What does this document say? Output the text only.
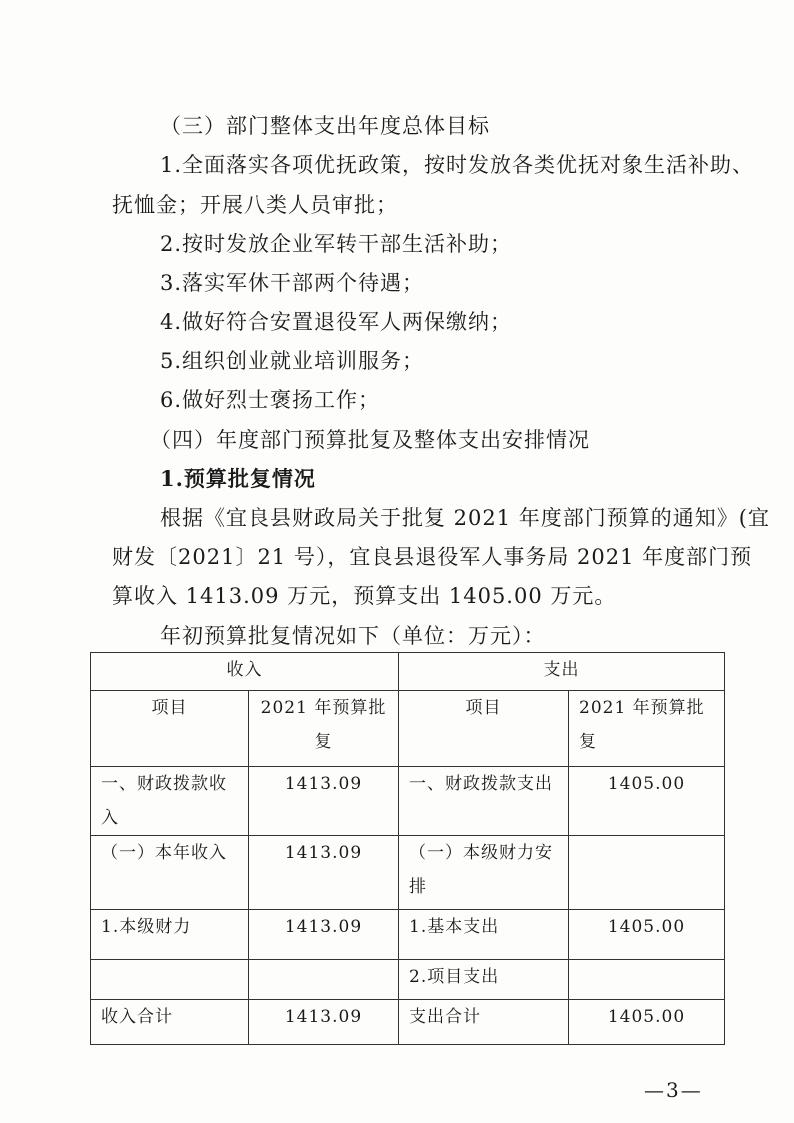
（三）部门整体支出年度总体目标
1.全面落实各项优抚政策，按时发放各类优抚对象生活补助、
抚恤金；开展八类人员审批；
2.按时发放企业军转干部生活补助；
3.落实军休干部两个待遇；
4.做好符合安置退役军人两保缴纳；
5.组织创业就业培训服务；
6.做好烈士褒扬工作；
（四）年度部门预算批复及整体支出安排情况
1.预算批复情况
根据《宜良县财政局关于批复 2021 年度部门预算的通知》(宜
财发〔2021〕21 号），宜良县退役军人事务局 2021 年度部门预
算收入 1413.09 万元，预算支出 1405.00 万元。
年初预算批复情况如下（单位：万元）：
收入		支出	
项目	2021 年预算批复	项目	2021 年预算批
复

一、财政拨款收入	1413.09	一、财政拨款支出	1405.00
（一）本年收入	1413.09	（一）本级财力安
排	

1.本级财力	1413.09	1.基本支出	1405.00
		2.项目支出	
收入合计	1413.09	支出合计	1405.00
—3—
